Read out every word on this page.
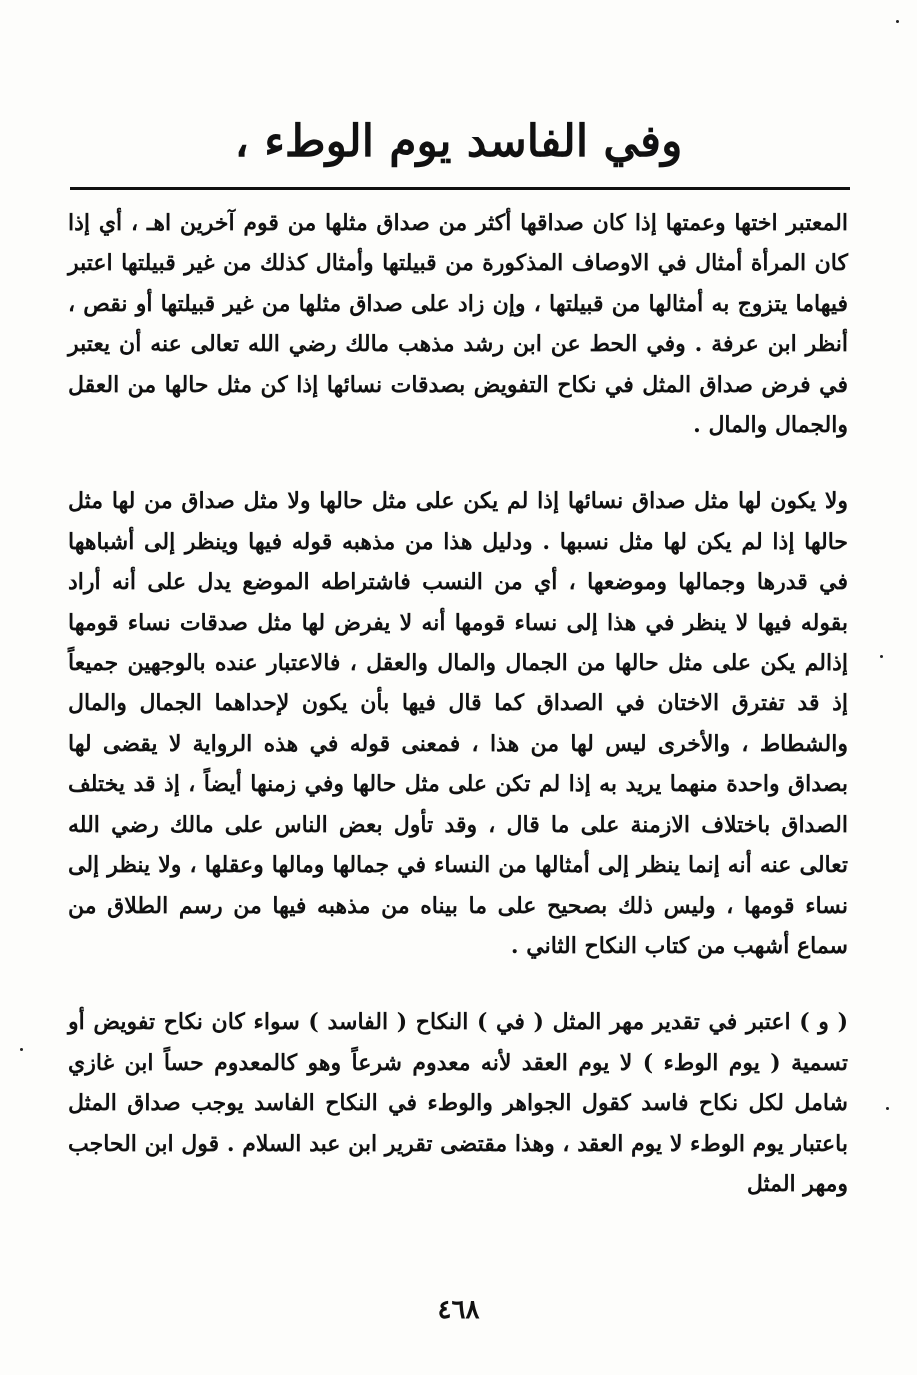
وفي الفاسد يوم الوطء ،

المعتبر اختها وعمتها إذا كان صداقها أكثر من صداق مثلها من قوم آخرين اهـ ، أي إذا كان المرأة أمثال في الاوصاف المذكورة من قبيلتها وأمثال كذلك من غير قبيلتها اعتبر فيهاما يتزوج به أمثالها من قبيلتها ، وإن زاد على صداق مثلها من غير قبيلتها أو نقص ، أنظر ابن عرفة . وفي الحط عن ابن رشد مذهب مالك رضي الله تعالى عنه أن يعتبر في فرض صداق المثل في نكاح التفويض بصدقات نسائها إذا كن مثل حالها من العقل والجمال والمال .

ولا يكون لها مثل صداق نسائها إذا لم يكن على مثل حالها ولا مثل صداق من لها مثل حالها إذا لم يكن لها مثل نسبها . ودليل هذا من مذهبه قوله فيها وينظر إلى أشباهها في قدرها وجمالها وموضعها ، أي من النسب فاشتراطه الموضع يدل على أنه أراد بقوله فيها لا ينظر في هذا إلى نساء قومها أنه لا يفرض لها مثل صدقات نساء قومها إذالم يكن على مثل حالها من الجمال والمال والعقل ، فالاعتبار عنده بالوجهين جميعاً إذ قد تفترق الاختان في الصداق كما قال فيها بأن يكون لإحداهما الجمال والمال والشطاط ، والأخرى ليس لها من هذا ، فمعنى قوله في هذه الرواية لا يقضى لها بصداق واحدة منهما يريد به إذا لم تكن على مثل حالها وفي زمنها أيضاً ، إذ قد يختلف الصداق باختلاف الازمنة على ما قال ، وقد تأول بعض الناس على مالك رضي الله تعالى عنه أنه إنما ينظر إلى أمثالها من النساء في جمالها ومالها وعقلها ، ولا ينظر إلى نساء قومها ، وليس ذلك بصحيح على ما بيناه من مذهبه فيها من رسم الطلاق من سماع أشهب من كتاب النكاح الثاني .

( و ) اعتبر في تقدير مهر المثل ( في ) النكاح ( الفاسد ) سواء كان نكاح تفويض أو تسمية ( يوم الوطء ) لا يوم العقد لأنه معدوم شرعاً وهو كالمعدوم حساً ابن غازي شامل لكل نكاح فاسد كقول الجواهر والوطء في النكاح الفاسد يوجب صداق المثل باعتبار يوم الوطء لا يوم العقد ، وهذا مقتضى تقرير ابن عبد السلام . قول ابن الحاجب ومهر المثل

٤٦٨
